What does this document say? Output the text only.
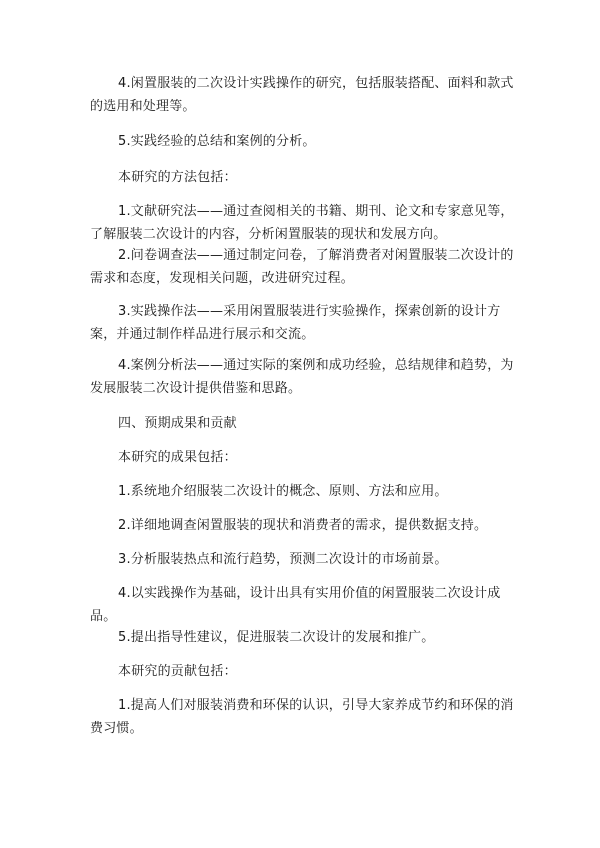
4.闲置服装的二次设计实践操作的研究，包括服装搭配、面料和款式的选用和处理等。

5.实践经验的总结和案例的分析。

本研究的方法包括：

1.文献研究法——通过查阅相关的书籍、期刊、论文和专家意见等，了解服装二次设计的内容，分析闲置服装的现状和发展方向。

2.问卷调查法——通过制定问卷，了解消费者对闲置服装二次设计的需求和态度，发现相关问题，改进研究过程。

3.实践操作法——采用闲置服装进行实验操作，探索创新的设计方案，并通过制作样品进行展示和交流。

4.案例分析法——通过实际的案例和成功经验，总结规律和趋势，为发展服装二次设计提供借鉴和思路。

四、预期成果和贡献

本研究的成果包括：

1.系统地介绍服装二次设计的概念、原则、方法和应用。

2.详细地调查闲置服装的现状和消费者的需求，提供数据支持。

3.分析服装热点和流行趋势，预测二次设计的市场前景。

4.以实践操作为基础，设计出具有实用价值的闲置服装二次设计成品。

5.提出指导性建议，促进服装二次设计的发展和推广。

本研究的贡献包括：

1.提高人们对服装消费和环保的认识，引导大家养成节约和环保的消费习惯。
